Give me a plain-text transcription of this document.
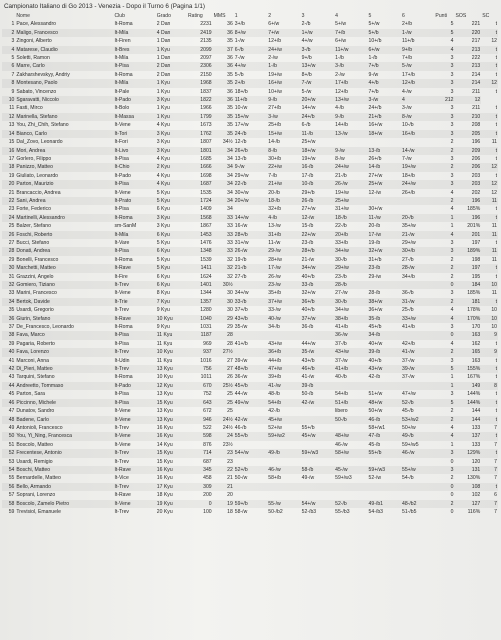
Campionato Italiano di Go 2013 - Venezia - Dopo il Turno 6 (Pagina 1/1)
	Nome	Club	Grado	Rating	MMS	1	2	3	4	5	6	Punti	SOS	SC
1	Pace, Alessandro	It-Roma	2 Dan	2231	36	3+/b	6+/w	2-/b	5+/w	5+/w	2+/b	5	221	t
2	Maligo, Francesco	It-Mila	4 Dan	2419	36	8+/w	7+/w	1+/w	7+/b	5+/b	1-/w	5	220	t
3	Zingoni, Alberto	It-Firen	1 Dan	2135	35	1-/w	12+/b	4+/w	6+/w	10+/b	11+/b	4	217	12
4	Matarese, Claudio	It-Bres	1 Kyu	2099	37	6-/b	24+/w	3-/b	11+/w	6+/w	9+/b	4	213	t
5	Soletti, Ramon	It-Mila	1 Dan	2097	36	7-/w	2-/w	9+/b	1-/b	1-/b	7+/b	3	222	t
6	Marre, Carlo	It-Pisa	2 Dan	2306	36	4+/w	1-/b	13+/w	3-/b	7+/b	5-/w	3	213	t
7	Zakharshevskyy, Andriy	It-Roma	2 Dan	2150	35	5-/b	19+/w	8+/b	2-/w	9-/w	17+/b	3	214	t
8	Montesano, Paolo	It-Mila	1 Kyu	1968	35	2+/b	16+/w	7-/w	17+/b	4+/b	12+/b	3	214	12
9	Sabato, Vincenzo	It-Pale	1 Kyu	1837	36	18+/b	10+/w	5-/w	12+/b	7+/b	4-/w	3	211	t
10	Sgaravatti, Niccolo	It-Pado	3 Kyu	1822	36	11+/b	9-/b	20+/w	13+/w	3-/w	4	212	12	
11	Fasti, Mirco	It-Bolo	1 Kyu	1966	35	10-/w	27+/b	14+/w	4-/b	24+/b	3-/w	3	211	t
12	Marinella, Stefano	It-Massa	1 Kyu	1799	35	15+/w	3-/w	24+/b	9-/b	21+/b	8-/w	3	210	t
13	You, Zhi_Chih, Stefano	It-Vene	4 Kyu	1673	35	17+/w	25+/b	6-/b	14+/b	16+/w	10-/b	3	208	t
14	Bianco, Carlo	It-Tori	3 Kyu	1762	35	24-/b	15+/w	11-/b	13-/w	18+/w	16+/b	3	205	t
15	Dal_Zovo, Leonardo	It-Fori	3 Kyu	1807	34½	12-/b	14-/b	25+/w				2	196	11
16	Mori, Andrea	It-Livo	3 Kyu	1801	34	26+/b	8-/b	18+/w	9-/w	13-/b	14-/w	2	209	t
17	Gorlero, Filippo	It-Pisa	4 Kyu	1685	34	13-/b	30+/b	19+/w	8-/w	26+/b	7-/w	3	206	t
18	Panizzo, Matteo	It-Chio	2 Kyu	1666	34	9-/w	22+/w	16-/b	24+/w	14-/b	19+/w	2	206	12
19	Giuliato, Leonardo	It-Pado	4 Kyu	1698	34	29+/w	7-/b	17-/b	21-/b	27+/w	18+/b	3	203	t
20	Parton, Maurizio	It-Pisa	4 Kyu	1687	34	22-/b	21+/w	10-/b	26-/w	25+/w	24+/w	3	203	12
21	Brancaccio, Andrea	It-Vene	5 Kyu	1535	34	30+/w	20-/b	29+/b	19+/w	12-/w	26+/b	4	202	12
22	Sani, Andrea	It-Prato	5 Kyu	1724	34	20+/w	18-/b	26-/b	25+/w			2	196	11
23	Forte, Federico	It-Pisa	6 Kyu	1409	34		32+/b	27+/w	31+/w	30+/w		4	185%	t
24	Martinelli, Alessandro	It-Roma	3 Kyu	1568	33	14+/w	4-/b	12-/w	18-/b	11-/w	20-/b	1	196	t
25	Balzer, Stefano	sm-SanM	3 Kyu	1867	33	16-/w	13-/w	15-/b	22-/b	20-/b	35+/w	1	201%	11
26	Foschi, Roberto	It-Mila	6 Kyu	1453	33	28+/b	31+/b	22+/w	20+/b	17-/w	21-/w	4	201	11
27	Bucci, Stefano	It-Vare	5 Kyu	1476	33	31+/w	11-/w	23-/b	33+/b	19-/b	29+/w	3	197	t
28	Donati, Andrea	It-Pisa	6 Kyu	1348	33	26-/w	29-/w	28+/b	34+/w	32+/w	30+/b	3	189%	11
29	Bonelli, Francesco	It-Roma	5 Kyu	1539	32	19-/b	28+/w	21-/w	30-/b	31+/b	27-/b	2	198	11
30	Marchetti, Matteo	It-Rave	5 Kyu	1411	32	21-/b	17-/w	34+/w	29+/w	23-/b	28-/w	2	197	t
31	Grazzini, Angelo	It-Fire	6 Kyu	1624	32	27-/b	26-/w	40+/b	23-/b	29-/w	34+/b	2	195	t
32	Gomiero, Tiziano	It-Trev	6 Kyu	1401	30½		23-/w	33-/b	28-/b			0	184	10
33	Marini, Francesco	It-Vene	8 Kyu	1344	30	34+/w	35+/b	32+/w	27-/w	28-/b	36-/b	3	185%	11
34	Bertok, Davide	It-Trie	7 Kyu	1357	30	33-/b	37+/w	36+/b	30-/b	38+/w	31-/w	2	181	t
35	Usardi, Gregorio	It-Trev	9 Kyu	1280	30	37+/b	33-/w	40+/b	34+/w	36+/w	25-/b	4	178%	10
36	Giurin, Stefano	It-Rave	10 Kyu	1040	29	43+/b	40-/w	37+/w	38+/b	35-/b	33+/w	4	170%	10
37	De_Francesco, Leonardo	It-Roma	9 Kyu	1031	29	35-/w	34-/b	36-/b	41+/b	45+/b	41+/b	3	170	10
38	Fava, Marco	It-Pisa	11 Kyu	1187	28				36-/w	34-/b		0	163	9
39	Pagaria, Roberto	It-Pisa	11 Kyu	969	28	41+/b	43+/w	44+/w	37-/b	40+/w	42+/b	4	162	t
40	Fava, Lorenzo	It-Trev	10 Kyu	937	27½		36+/b	35-/w	43+/w	39-/b	41-/w	2	165	9
41	Marconi, Anna	It-Udin	11 Kyu	1016	27	39-/w	44+/b	43+/b	37-/w	40+/b	37-/w	3	163	t
42	Di_Pieri, Matteo	It-Trev	13 Kyu	756	27	48+/b	47+/w	46+/b	41+/b	43+/w	39-/w	5	155%	t
43	Tarquini, Stefano	It-Roma	10 Kyu	1011	26	36-/w	39+/b	41-/w	40-/b	42-/b	37-/w	1	167%	t
44	Andreetto, Tommaso	It-Pado	12 Kyu	670	25½	45+/b	41-/w	39-/b				1	149	8
45	Parton, Sara	It-Pisa	13 Kyu	752	25	44-/w	48-/b	50-/b	54+/b	51+/w	47+/w	3	144%	t
46	Piccinno, Michele	It-Pisa	15 Kyu	643	25	49+/w	54+/b	42-/w	51+/b	48+/w	52-/b	5	144%	t
47	Dunatov, Sandro	It-Vene	13 Kyu	672	25		42-/b		libero	50+/w	45-/b	2	144	t
48	Badene, Carlo	It-Vene	13 Kyu	946	24½	42-/w	45+/w		50-/b	46-/b	53+/w2	2	144	t
49	Antonioli, Francesco	It-Trev	16 Kyu	522	24½	46-/b	52+/w	55+/b		58+/w1	50+/w	4	133	7
50	You, Yi_Ning, Francesca	It-Vene	16 Kyu	598	24	55+/b	59+/w2	45+/w	48+/w	47-/b	49-/b	4	137	t
51	Boscolo, Matteo	It-Vene	14 Kyu	876	23½				46-/w	45-/b	59+/w5	1	133	7
52	Frecentese, Antonio	It-Trev	15 Kyu	714	23	54+/w	49-/b	59+/w3	58+/w	55+/b	46-/w	3	129%	t
53	Usardi, Remigio	It-Trev	15 Kyu	687	23							0	120	7
54	Boschi, Matteo	It-Rave	16 Kyu	345	22	52+/b	46-/w	58-/b	45-/w	59+/w3	55+/w	3	131	7
55	Bernardelle, Matteo	It-Vice	16 Kyu	458	21	50-/w	58+/b	49-/w	59+/w3	52-/w	54-/b	2	130%	7
56	Bello, Armando	It-Trev	17 Kyu	309	21							0	108	t
57	Soprani, Lorenzo	It-Rave	18 Kyu	200	20							0	102	6
58	Boscolo, Zamelo Pietro	It-Vene	19 Kyu	0	19	59+/b	55-/w	54+/w	52-/b	49-/b1	48-/b2	2	127	7
59	Trevisiol, Emanuele	It-Trev	20 Kyu	100	18	58-/w	50-/b2	52-/b3	55-/b3	54-/b3	51-/b5	0	116%	7
